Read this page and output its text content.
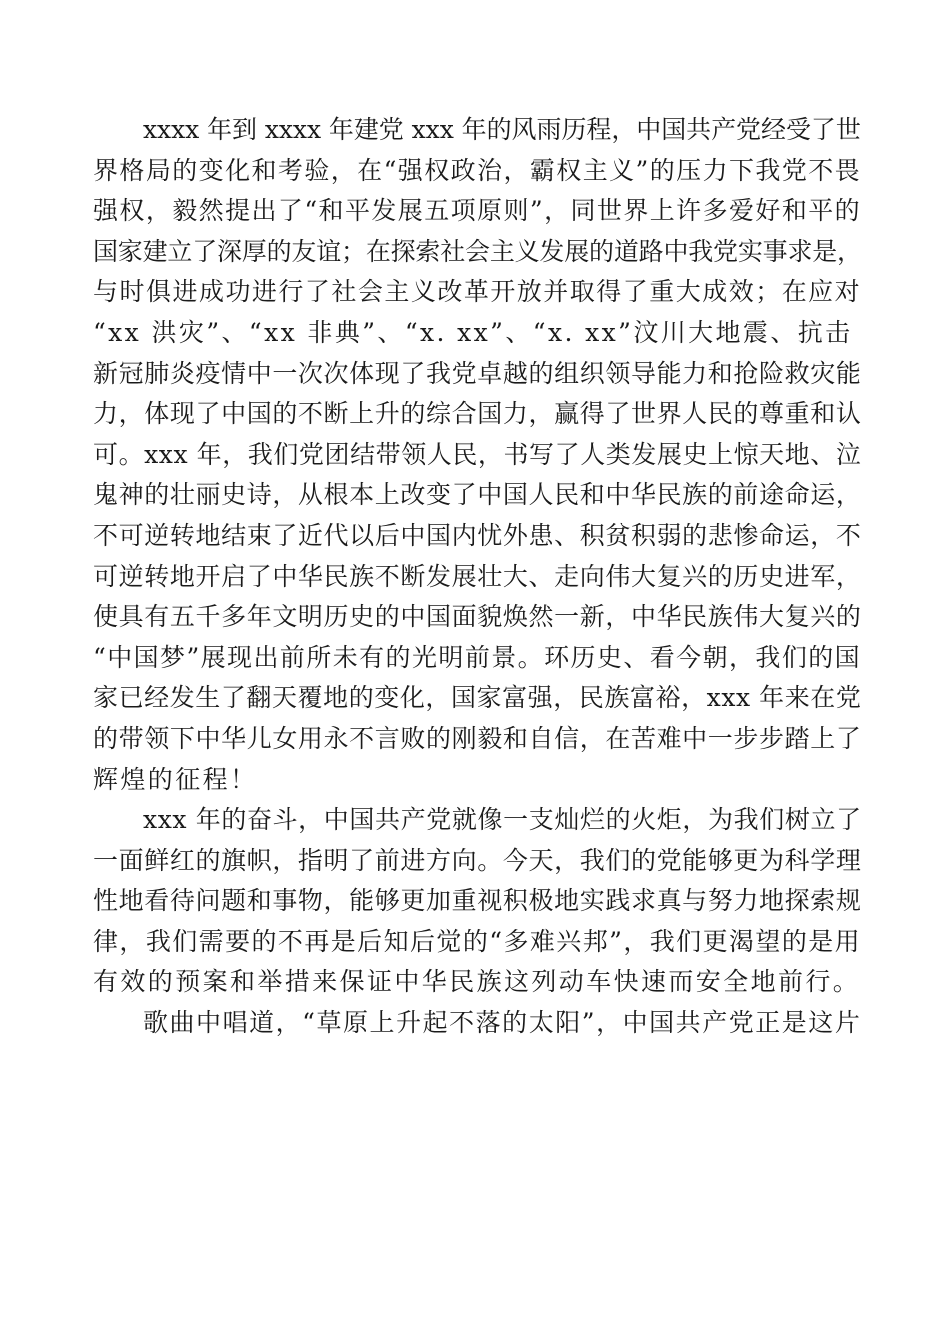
xxxx 年到 xxxx 年建党 xxx 年的风雨历程，中国共产党经受了世
界格局的变化和考验，在“强权政治，霸权主义”的压力下我党不畏
强权，毅然提出了“和平发展五项原则”，同世界上许多爱好和平的
国家建立了深厚的友谊；在探索社会主义发展的道路中我党实事求是，
与时俱进成功进行了社会主义改革开放并取得了重大成效；在应对
“xx 洪灾”、“xx 非典”、“x. xx”、“x. xx”汶川大地震、抗击
新冠肺炎疫情中一次次体现了我党卓越的组织领导能力和抢险救灾能
力，体现了中国的不断上升的综合国力，赢得了世界人民的尊重和认
可。xxx 年，我们党团结带领人民，书写了人类发展史上惊天地、泣
鬼神的壮丽史诗，从根本上改变了中国人民和中华民族的前途命运，
不可逆转地结束了近代以后中国内忧外患、积贫积弱的悲惨命运，不
可逆转地开启了中华民族不断发展壮大、走向伟大复兴的历史进军，
使具有五千多年文明历史的中国面貌焕然一新，中华民族伟大复兴的
“中国梦”展现出前所未有的光明前景。环历史、看今朝，我们的国
家已经发生了翻天覆地的变化，国家富强，民族富裕，xxx 年来在党
的带领下中华儿女用永不言败的刚毅和自信，在苦难中一步步踏上了
辉煌的征程！
xxx 年的奋斗，中国共产党就像一支灿烂的火炬，为我们树立了
一面鲜红的旗帜，指明了前进方向。今天，我们的党能够更为科学理
性地看待问题和事物，能够更加重视积极地实践求真与努力地探索规
律，我们需要的不再是后知后觉的“多难兴邦”，我们更渴望的是用
有效的预案和举措来保证中华民族这列动车快速而安全地前行。
歌曲中唱道，“草原上升起不落的太阳”，中国共产党正是这片
